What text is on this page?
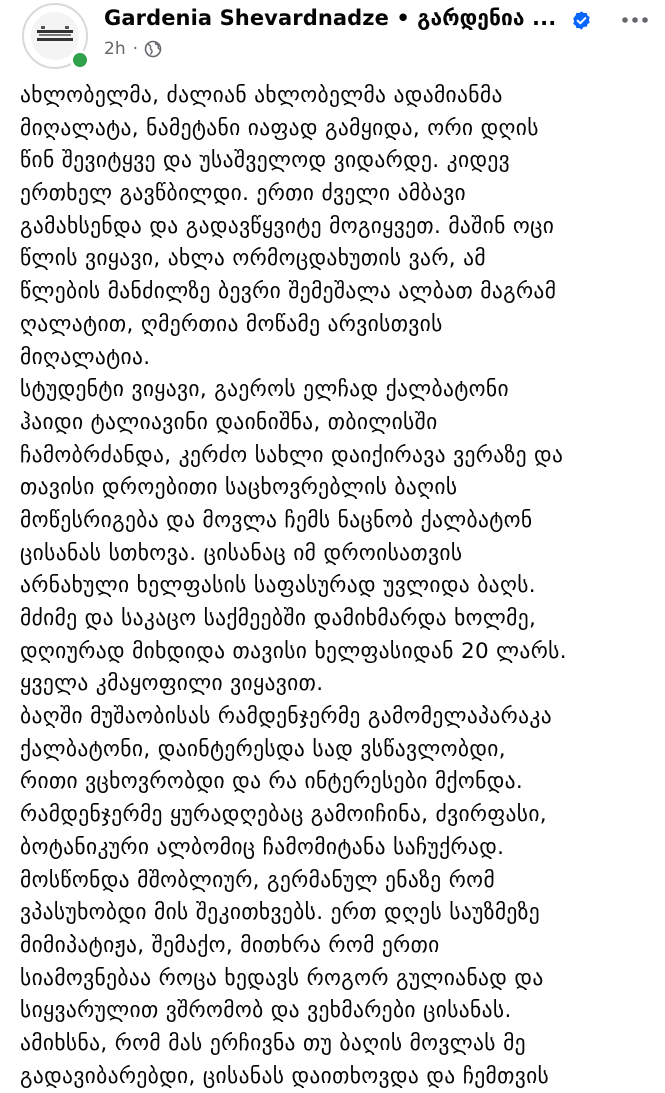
Gardenia Shevardnadze • გარდენია ...
2h ·
ახლობელმა, ძალიან ახლობელმა ადამიანმა
მიღალატა, ნამეტანი იაფად გამყიდა, ორი დღის
წინ შევიტყვე და უსაშველოდ ვიდარდე. კიდევ
ერთხელ გავწბილდი. ერთი ძველი ამბავი
გამახსენდა და გადავწყვიტე მოგიყვეთ. მაშინ ოცი
წლის ვიყავი, ახლა ორმოცდახუთის ვარ, ამ
წლების მანძილზე ბევრი შემეშალა ალბათ მაგრამ
ღალატით, ღმერთია მოწამე არვისთვის
მიღალატია.
სტუდენტი ვიყავი, გაეროს ელჩად ქალბატონი
ჰაიდი ტალიავინი დაინიშნა, თბილისში
ჩამობრძანდა, კერძო სახლი დაიქირავა ვერაზე და
თავისი დროებითი საცხოვრებლის ბაღის
მოწესრიგება და მოვლა ჩემს ნაცნობ ქალბატონ
ცისანას სთხოვა. ცისანაც იმ დროისათვის
არნახული ხელფასის საფასურად უვლიდა ბაღს.
მძიმე და საკაცო საქმეებში დამიხმარდა ხოლმე,
დღიურად მიხდიდა თავისი ხელფასიდან 20 ლარს.
ყველა კმაყოფილი ვიყავით.
ბაღში მუშაობისას რამდენჯერმე გამომელაპარაკა
ქალბატონი, დაინტერესდა სად ვსწავლობდი,
რითი ვცხოვრობდი და რა ინტერესები მქონდა.
რამდენჯერმე ყურადღებაც გამოიჩინა, ძვირფასი,
ბოტანიკური ალბომიც ჩამომიტანა საჩუქრად.
მოსწონდა მშობლიურ, გერმანულ ენაზე რომ
ვპასუხობდი მის შეკითხვებს. ერთ დღეს საუზმეზე
მიმიპატიჟა, შემაქო, მითხრა რომ ერთი
სიამოვნებაა როცა ხედავს როგორ გულიანად და
სიყვარულით ვშრომობ და ვეხმარები ცისანას.
ამიხსნა, რომ მას ერჩივნა თუ ბაღის მოვლას მე
გადავიბარებდი, ცისანას დაითხოვდა და ჩემთვის
